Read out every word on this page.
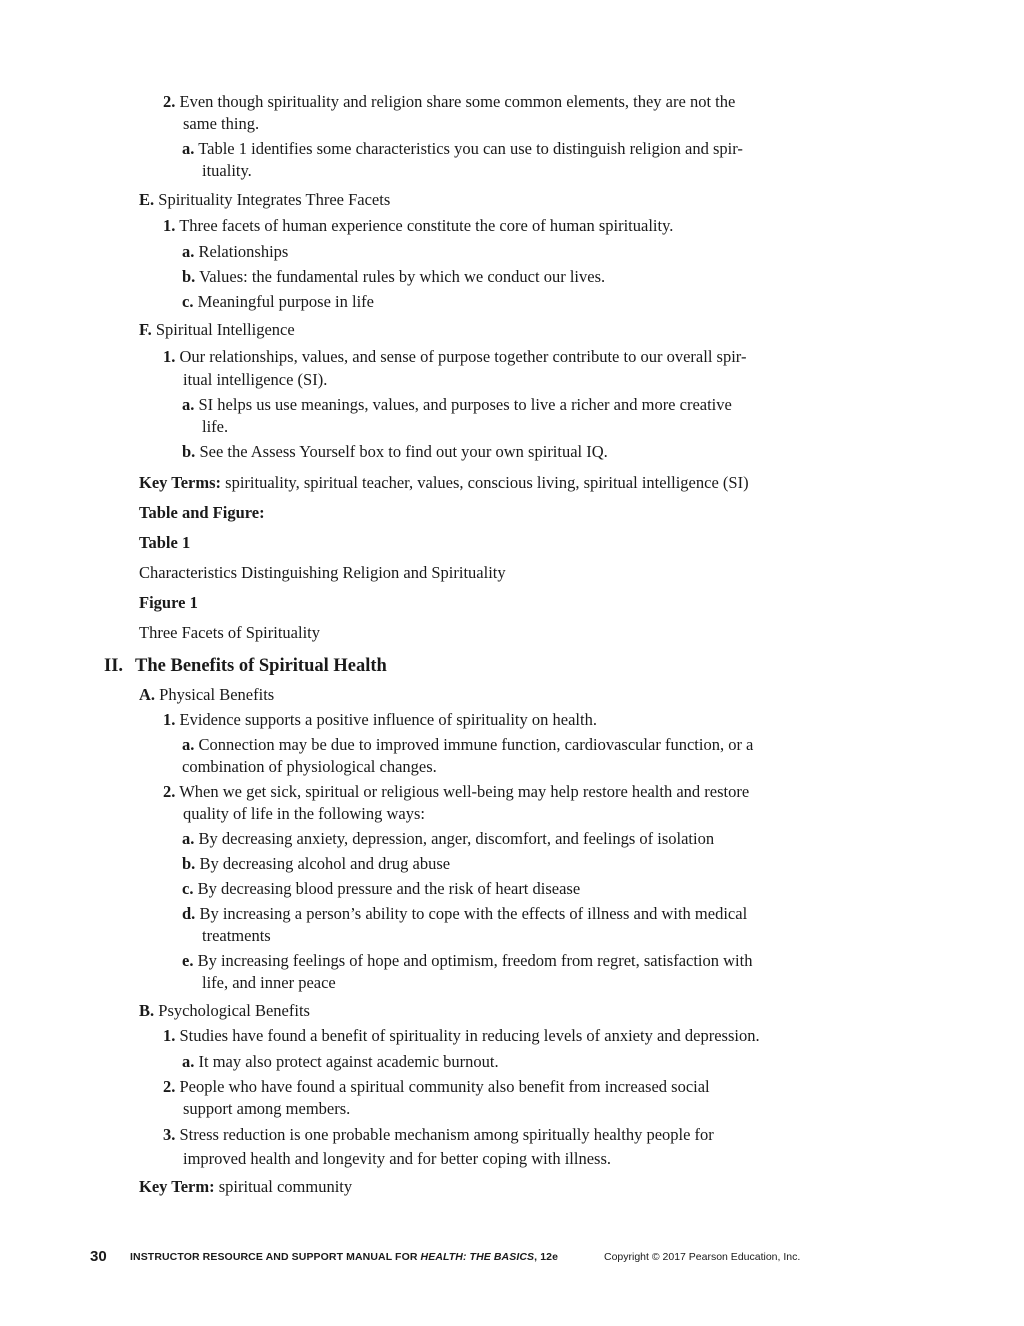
2. Even though spirituality and religion share some common elements, they are not the
same thing.
a. Table 1 identifies some characteristics you can use to distinguish religion and spir-
ituality.
E. Spirituality Integrates Three Facets
1. Three facets of human experience constitute the core of human spirituality.
a. Relationships
b. Values: the fundamental rules by which we conduct our lives.
c. Meaningful purpose in life
F. Spiritual Intelligence
1. Our relationships, values, and sense of purpose together contribute to our overall spir-
itual intelligence (SI).
a. SI helps us use meanings, values, and purposes to live a richer and more creative
life.
b. See the Assess Yourself box to find out your own spiritual IQ.
Key Terms: spirituality, spiritual teacher, values, conscious living, spiritual intelligence (SI)
Table and Figure:
Table 1
Characteristics Distinguishing Religion and Spirituality
Figure 1
Three Facets of Spirituality
II. The Benefits of Spiritual Health
A. Physical Benefits
1. Evidence supports a positive influence of spirituality on health.
a. Connection may be due to improved immune function, cardiovascular function, or a
combination of physiological changes.
2. When we get sick, spiritual or religious well-being may help restore health and restore
quality of life in the following ways:
a. By decreasing anxiety, depression, anger, discomfort, and feelings of isolation
b. By decreasing alcohol and drug abuse
c. By decreasing blood pressure and the risk of heart disease
d. By increasing a person’s ability to cope with the effects of illness and with medical
treatments
e. By increasing feelings of hope and optimism, freedom from regret, satisfaction with
life, and inner peace
B. Psychological Benefits
1. Studies have found a benefit of spirituality in reducing levels of anxiety and depression.
a. It may also protect against academic burnout.
2. People who have found a spiritual community also benefit from increased social
support among members.
3. Stress reduction is one probable mechanism among spiritually healthy people for
improved health and longevity and for better coping with illness.
Key Term: spiritual community
30 INSTRUCTOR RESOURCE AND SUPPORT MANUAL FOR HEALTH: THE BASICS, 12e	Copyright © 2017 Pearson Education, Inc.
